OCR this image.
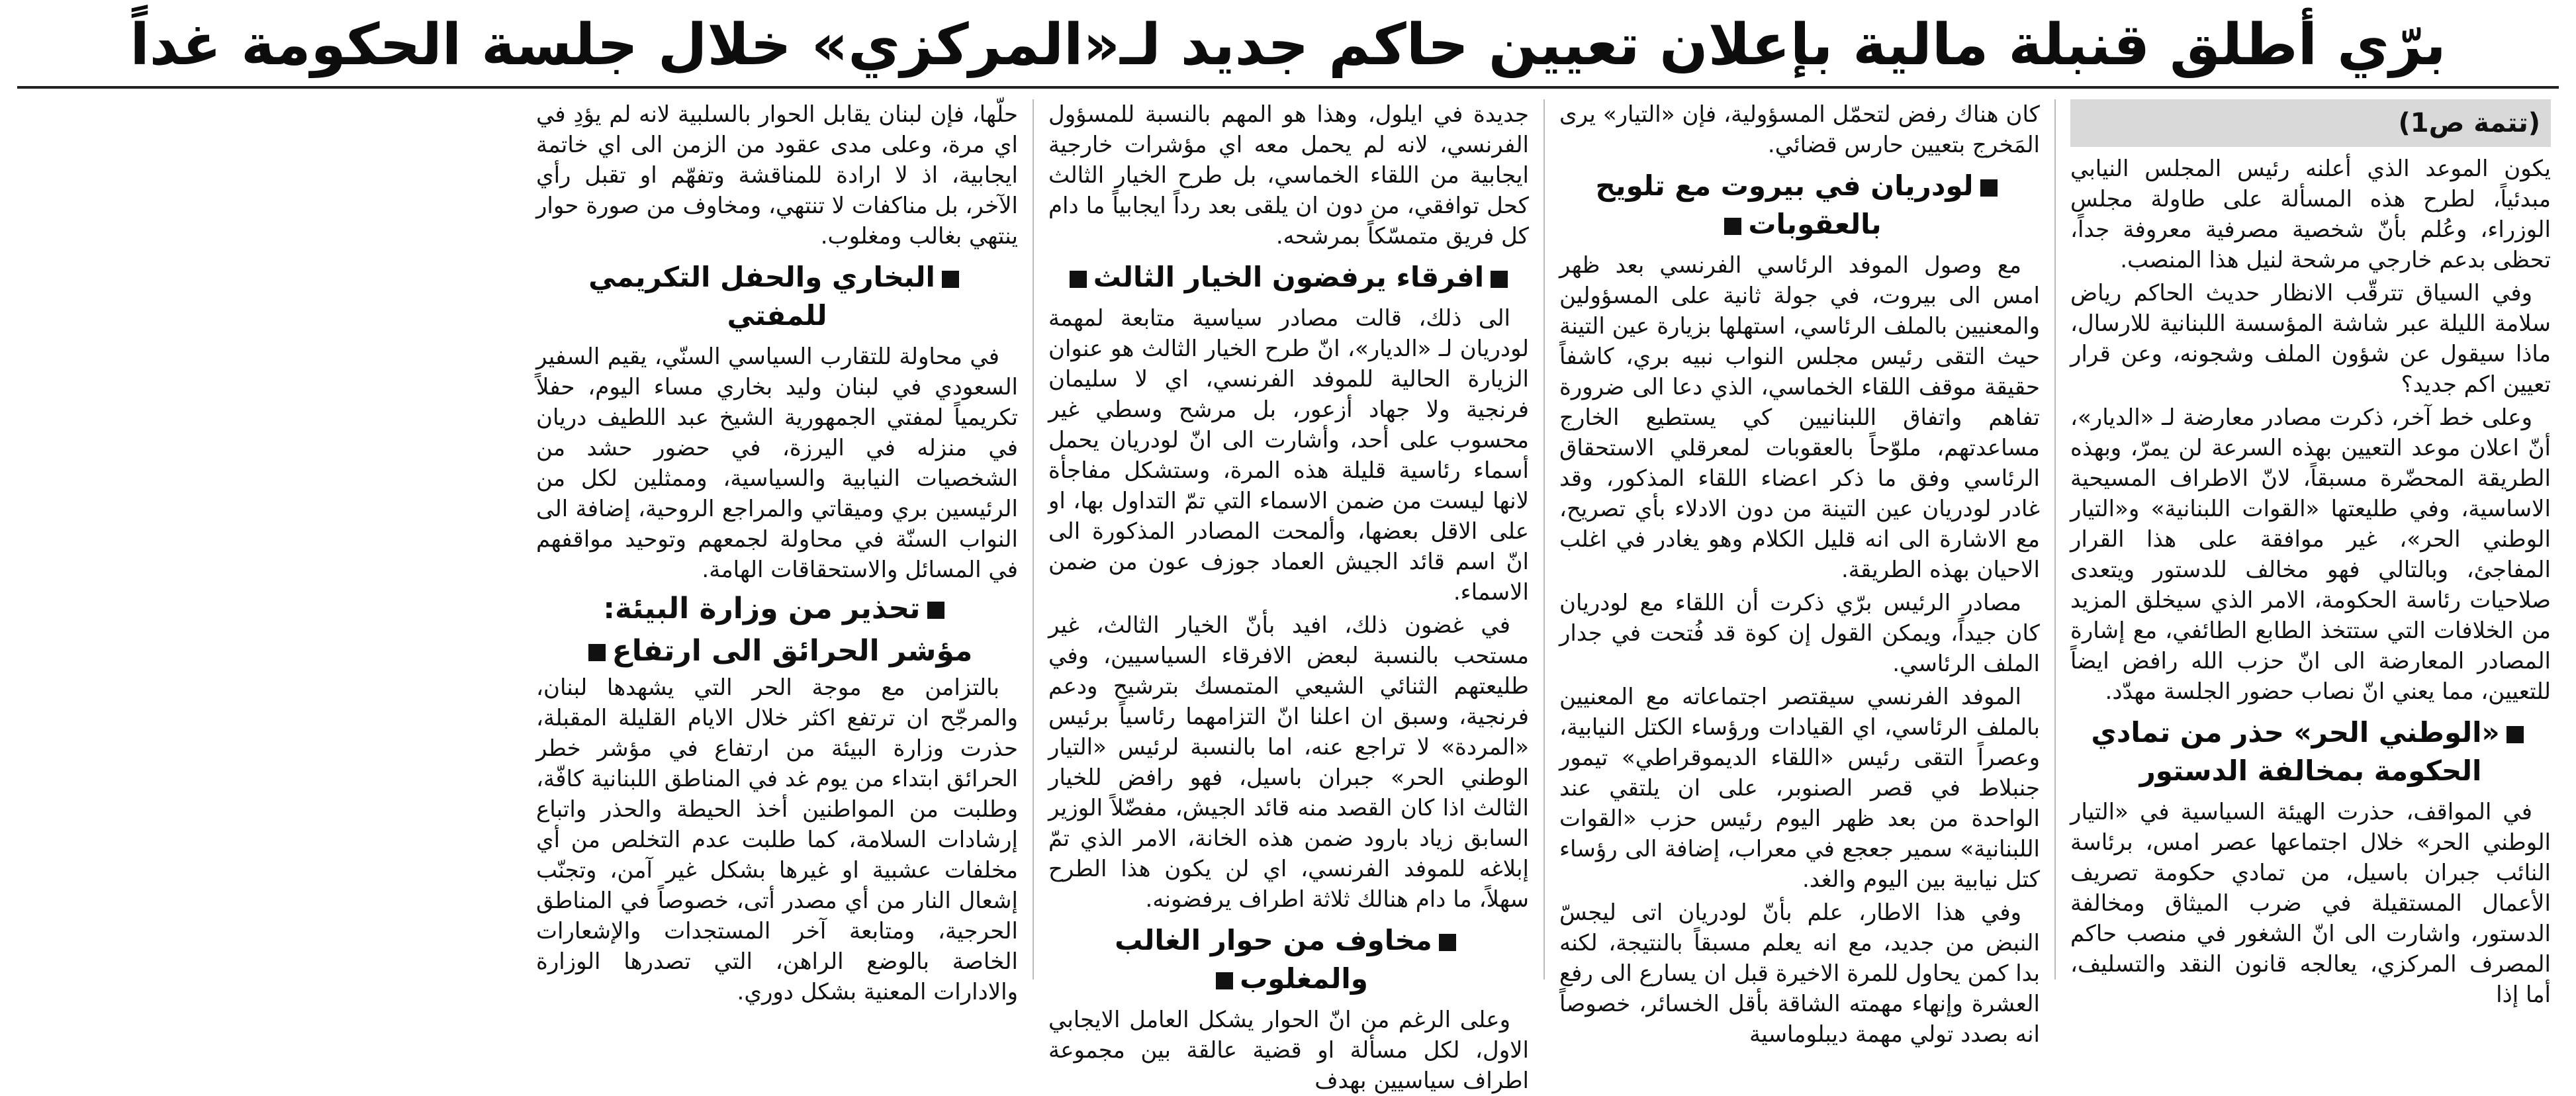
برّي أطلق قنبلة مالية بإعلان تعيين حاكم جديد لـ«المركزي» خلال جلسة الحكومة غداً
(تتمة ص1)

يكون الموعد الذي أعلنه رئيس المجلس النيابي مبدئياً، لطرح هذه المسألة على طاولة مجلس الوزراء، وعُلم بأنّ شخصية مصرفية معروفة جداً، تحظى بدعم خارجي مرشحة لنيل هذا المنصب.

وفي السياق تترقّب الانظار حديث الحاكم رياض سلامة الليلة عبر شاشة المؤسسة اللبنانية للارسال، ماذا سيقول عن شؤون الملف وشجونه، وعن قرار تعيين اكم جديد؟

وعلى خط آخر، ذكرت مصادر معارضة لـ «الديار»، أنّ اعلان موعد التعيين بهذه السرعة لن يمرّ، وبهذه الطريقة المحضّرة مسبقاً، لانّ الاطراف المسيحية الاساسية، وفي طليعتها «القوات اللبنانية» و«التيار الوطني الحر»، غير موافقة على هذا القرار المفاجئ، وبالتالي فهو مخالف للدستور ويتعدى صلاحيات رئاسة الحكومة، الامر الذي سيخلق المزيد من الخلافات التي ستتخذ الطابع الطائفي، مع إشارة المصادر المعارضة الى انّ حزب الله رافض ايضاً للتعيين، مما يعني انّ نصاب حضور الجلسة مهدّد.

«الوطني الحر» حذر من تمادي الحكومة بمخالفة الدستور

في المواقف، حذرت الهيئة السياسية في «التيار الوطني الحر» خلال اجتماعها عصر امس، برئاسة النائب جبران باسيل، من تمادي حكومة تصريف الأعمال المستقيلة في ضرب الميثاق ومخالفة الدستور، واشارت الى انّ الشغور في منصب حاكم المصرف المركزي، يعالجه قانون النقد والتسليف، أما إذا

كان هناك رفض لتحمّل المسؤولية، فإن «التيار» يرى المَخرج بتعيين حارس قضائي.

لودريان في بيروت مع تلويح بالعقوبات

مع وصول الموفد الرئاسي الفرنسي بعد ظهر امس الى بيروت، في جولة ثانية على المسؤولين والمعنيين بالملف الرئاسي، استهلها بزيارة عين التينة حيث التقى رئيس مجلس النواب نبيه بري، كاشفاً حقيقة موقف اللقاء الخماسي، الذي دعا الى ضرورة تفاهم واتفاق اللبنانيين كي يستطيع الخارج مساعدتهم، ملوّحاً بالعقوبات لمعرقلي الاستحقاق الرئاسي وفق ما ذكر اعضاء اللقاء المذكور، وقد غادر لودريان عين التينة من دون الادلاء بأي تصريح، مع الاشارة الى انه قليل الكلام وهو يغادر في اغلب الاحيان بهذه الطريقة.

مصادر الرئيس برّي ذكرت أن اللقاء مع لودريان كان جيداً، ويمكن القول إن كوة قد فُتحت في جدار الملف الرئاسي.

الموفد الفرنسي سيقتصر اجتماعاته مع المعنيين بالملف الرئاسي، اي القيادات ورؤساء الكتل النيابية، وعصراً التقى رئيس «اللقاء الديموقراطي» تيمور جنبلاط في قصر الصنوبر، على ان يلتقي عند الواحدة من بعد ظهر اليوم رئيس حزب «القوات اللبنانية» سمير جعجع في معراب، إضافة الى رؤساء كتل نيابية بين اليوم والغد.

وفي هذا الاطار، علم بأنّ لودريان اتى ليجسّ النبض من جديد، مع انه يعلم مسبقاً بالنتيجة، لكنه بدا كمن يحاول للمرة الاخيرة قبل ان يسارع الى رفع العشرة وإنهاء مهمته الشاقة بأقل الخسائر، خصوصاً انه بصدد تولي مهمة ديبلوماسية

جديدة في ايلول، وهذا هو المهم بالنسبة للمسؤول الفرنسي، لانه لم يحمل معه اي مؤشرات خارجية ايجابية من اللقاء الخماسي، بل طرح الخيار الثالث كحل توافقي، من دون ان يلقى بعد رداً ايجابياً ما دام كل فريق متمسّكاً بمرشحه.

افرقاء يرفضون الخيار الثالث

الى ذلك، قالت مصادر سياسية متابعة لمهمة لودريان لـ «الديار»، انّ طرح الخيار الثالث هو عنوان الزيارة الحالية للموفد الفرنسي، اي لا سليمان فرنجية ولا جهاد أزعور، بل مرشح وسطي غير محسوب على أحد، وأشارت الى انّ لودريان يحمل أسماء رئاسية قليلة هذه المرة، وستشكل مفاجأة لانها ليست من ضمن الاسماء التي تمّ التداول بها، او على الاقل بعضها، وألمحت المصادر المذكورة الى انّ اسم قائد الجيش العماد جوزف عون من ضمن الاسماء.

في غضون ذلك، افيد بأنّ الخيار الثالث، غير مستحب بالنسبة لبعض الافرقاء السياسيين، وفي طليعتهم الثنائي الشيعي المتمسك بترشيح ودعم فرنجية، وسبق ان اعلنا انّ التزامهما رئاسياً برئيس «المردة» لا تراجع عنه، اما بالنسبة لرئيس «التيار الوطني الحر» جبران باسيل، فهو رافض للخيار الثالث اذا كان القصد منه قائد الجيش، مفضّلاً الوزير السابق زياد بارود ضمن هذه الخانة، الامر الذي تمّ إبلاغه للموفد الفرنسي، اي لن يكون هذا الطرح سهلاً، ما دام هنالك ثلاثة اطراف يرفضونه.

مخاوف من حوار الغالب والمغلوب

وعلى الرغم من انّ الحوار يشكل العامل الايجابي الاول، لكل مسألة او قضية عالقة بين مجموعة اطراف سياسيين بهدف

حلّها، فإن لبنان يقابل الحوار بالسلبية لانه لم يؤدِ في اي مرة، وعلى مدى عقود من الزمن الى اي خاتمة ايجابية، اذ لا ارادة للمناقشة وتفهّم او تقبل رأي الآخر، بل مناكفات لا تنتهي، ومخاوف من صورة حوار ينتهي بغالب ومغلوب.

البخاري والحفل التكريمي للمفتي

في محاولة للتقارب السياسي السنّي، يقيم السفير السعودي في لبنان وليد بخاري مساء اليوم، حفلاً تكريمياً لمفتي الجمهورية الشيخ عبد اللطيف دريان في منزله في اليرزة، في حضور حشد من الشخصيات النيابية والسياسية، وممثلين لكل من الرئيسين بري وميقاتي والمراجع الروحية، إضافة الى النواب السنّة في محاولة لجمعهم وتوحيد مواقفهم في المسائل والاستحقاقات الهامة.

تحذير من وزارة البيئة:
مؤشر الحرائق الى ارتفاع

بالتزامن مع موجة الحر التي يشهدها لبنان، والمرجّح ان ترتفع اكثر خلال الايام القليلة المقبلة، حذرت وزارة البيئة من ارتفاع في مؤشر خطر الحرائق ابتداء من يوم غد في المناطق اللبنانية كافّة، وطلبت من المواطنين أخذ الحيطة والحذر واتباع إرشادات السلامة، كما طلبت عدم التخلص من أي مخلفات عشبية او غيرها بشكل غير آمن، وتجنّب إشعال النار من أي مصدر أتى، خصوصاً في المناطق الحرجية، ومتابعة آخر المستجدات والإشعارات الخاصة بالوضع الراهن، التي تصدرها الوزارة والادارات المعنية بشكل دوري.
